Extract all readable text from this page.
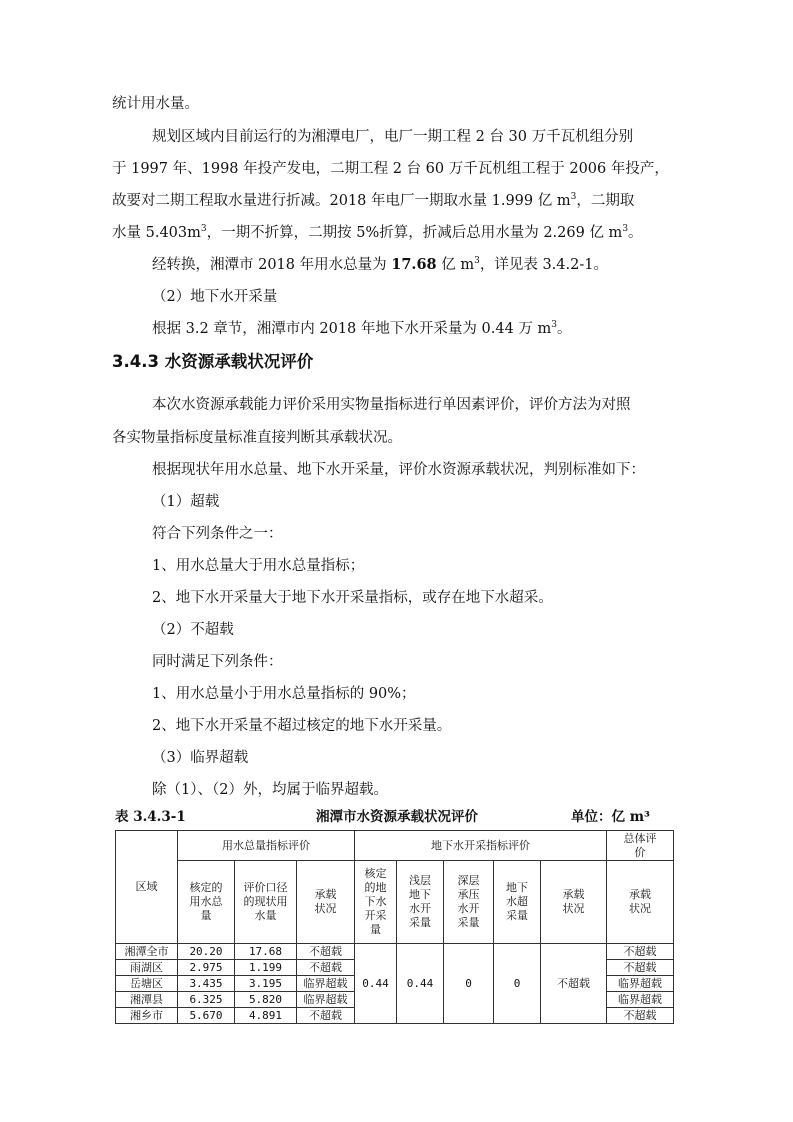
统计用水量。

规划区域内目前运行的为湘潭电厂，电厂一期工程 2 台 30 万千瓦机组分别

于 1997 年、1998 年投产发电，二期工程 2 台 60 万千瓦机组工程于 2006 年投产，

故要对二期工程取水量进行折减。2018 年电厂一期取水量 1.999 亿 $m^3$，二期取

水量 $5.403m^3$，一期不折算，二期按 5%折算，折减后总用水量为 2.269 亿 $m^3$。

经转换，湘潭市 2018 年用水总量为 17.68 亿 $m^3$，详见表 3.4.2-1。

（2）地下水开采量

根据 3.2 章节，湘潭市内 2018 年地下水开采量为 0.44 万 $m^3$。

3.4.3 水资源承载状况评价

本次水资源承载能力评价采用实物量指标进行单因素评价，评价方法为对照

各实物量指标度量标准直接判断其承载状况。

根据现状年用水总量、地下水开采量，评价水资源承载状况，判别标准如下：

（1）超载

符合下列条件之一：

1、用水总量大于用水总量指标；

2、地下水开采量大于地下水开采量指标，或存在地下水超采。

（2）不超载

同时满足下列条件：

1、用水总量小于用水总量指标的 90%；

2、地下水开采量不超过核定的地下水开采量。

（3）临界超载

除（1）、（2）外，均属于临界超载。

表 3.4.3-1	湘潭市水资源承载状况评价	单位：亿 m³
区域	用水总量指标评价			地下水开采指标评价					总体评价

	核定的用水总量	评价口径的现状用水量	承载状况	核定的地下水开采量	浅层地下水开采量	深层承压水开采量	地下水超采量	承载状况	承载状况

湘潭全市	20.20	17.68	不超载	0.44	0.44	0	0	不超载	不超载
雨湖区	2.975	1.199	不超载						不超载
岳塘区	3.435	3.195	临界超载						临界超载
湘潭县	6.325	5.820	临界超载						临界超载
湘乡市	5.670	4.891	不超载						不超载
